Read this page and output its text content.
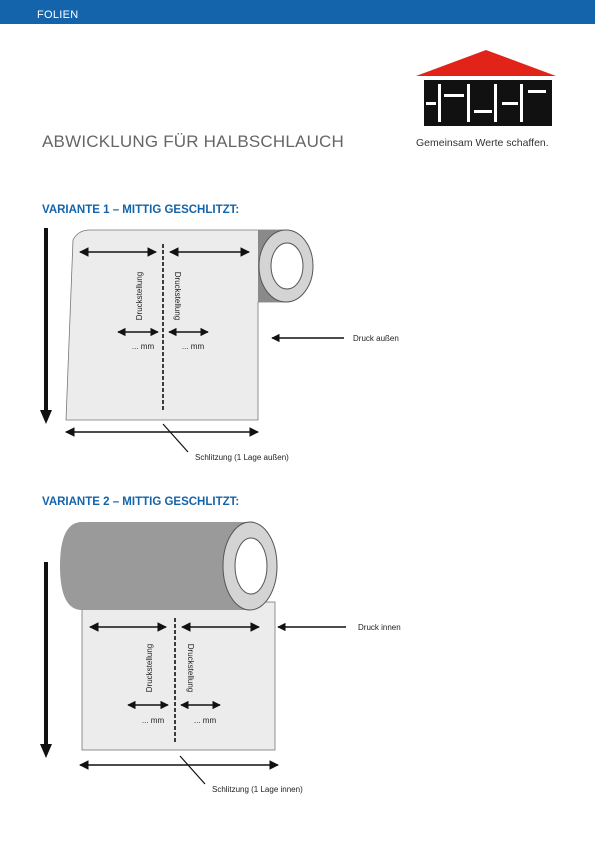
FOLIEN
Gemeinsam Werte schaffen.
ABWICKLUNG FÜR HALBSCHLAUCH
VARIANTE 1 – MITTIG GESCHLITZT:
Druckstellung	Druckstellung
... mm	... mm
Druck außen
Schlitzung (1 Lage außen)
VARIANTE 2 – MITTIG GESCHLITZT:
Druckstellung	Druckstellung
... mm	... mm
Druck innen
Schlitzung (1 Lage innen)
